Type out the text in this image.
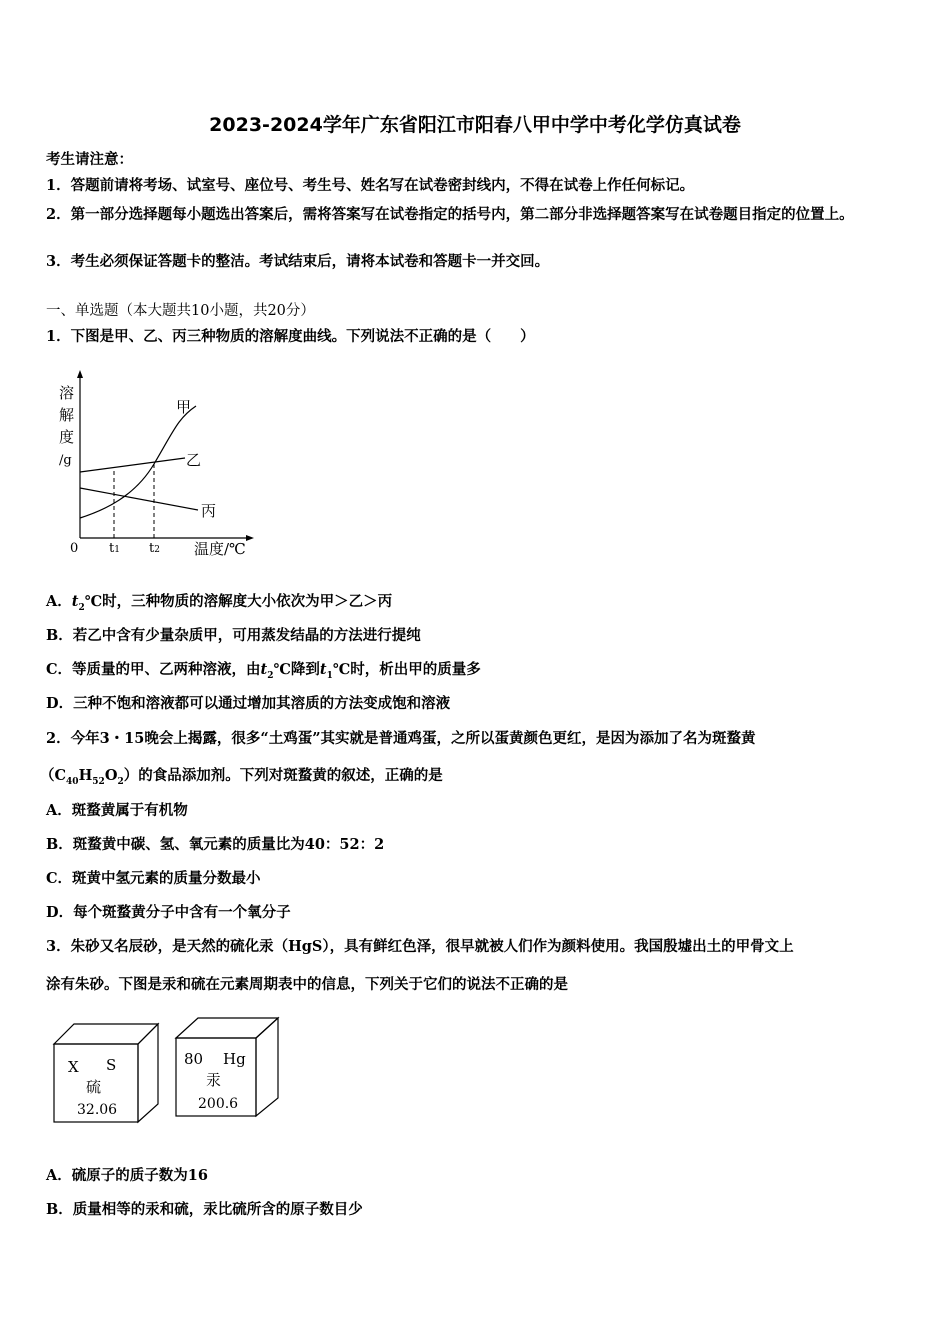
2023-2024学年广东省阳江市阳春八甲中学中考化学仿真试卷
考生请注意：
1．答题前请将考场、试室号、座位号、考生号、姓名写在试卷密封线内，不得在试卷上作任何标记。
2．第一部分选择题每小题选出答案后，需将答案写在试卷指定的括号内，第二部分非选择题答案写在试卷题目指定的位置上。
3．考生必须保证答题卡的整洁。考试结束后，请将本试卷和答题卡一并交回。
一、单选题（本大题共10小题，共20分）
1．下图是甲、乙、丙三种物质的溶解度曲线。下列说法不正确的是（　　）
溶
解
度
/g
0	温度/℃
t1 t2
甲
乙
丙
A．$t_2℃$时，三种物质的溶解度大小依次为甲＞乙＞丙
B．若乙中含有少量杂质甲，可用蒸发结晶的方法进行提纯
C．等质量的甲、乙两种溶液，由$t_2℃$降到$t_1℃$时，析出甲的质量多
D．三种不饱和溶液都可以通过增加其溶质的方法变成饱和溶液
2．今年3・15晚会上揭露，很多“土鸡蛋”其实就是普通鸡蛋，之所以蛋黄颜色更红，是因为添加了名为斑蝥黄
$(C_{40}H_{52}O_2)$的食品添加剂。下列对斑蝥黄的叙述，正确的是
A．斑蝥黄属于有机物
B．斑蝥黄中碳、氢、氧元素的质量比为40：52：2
C．斑黄中氢元素的质量分数最小
D．每个斑蝥黄分子中含有一个氧分子
3．朱砂又名辰砂，是天然的硫化汞（HgS），具有鲜红色泽，很早就被人们作为颜料使用。我国殷墟出土的甲骨文上
涂有朱砂。下图是汞和硫在元素周期表中的信息，下列关于它们的说法不正确的是
X S
硫
32.06
80 Hg
汞
200.6
A．硫原子的质子数为16
B．质量相等的汞和硫，汞比硫所含的原子数目少
